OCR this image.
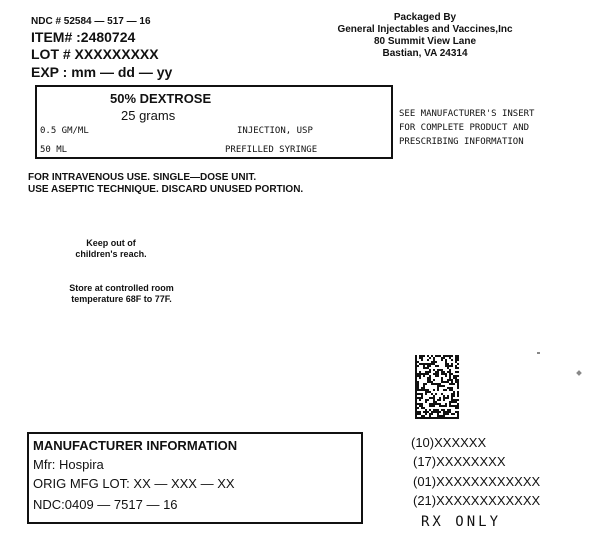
NDC # 52584 — 517 — 16
ITEM# :2480724
LOT # XXXXXXXXX
EXP : mm — dd — yy
Packaged By
General Injectables and Vaccines,Inc
80 Summit View Lane
Bastian, VA 24314
50% DEXTROSE
25 grams
0.5 GM/ML	INJECTION, USP
50 ML	PREFILLED SYRINGE
SEE MANUFACTURER'S INSERT
FOR COMPLETE PRODUCT AND
PRESCRIBING INFORMATION
FOR INTRAVENOUS USE. SINGLE—DOSE UNIT.
USE ASEPTIC TECHNIQUE. DISCARD UNUSED PORTION.
Keep out of
children's reach.
Store at controlled room
temperature 68F to 77F.
MANUFACTURER INFORMATION
Mfr: Hospira
ORIG MFG LOT: XX — XXX — XX
NDC:0409 — 7517 — 16
(10)XXXXXX
(17)XXXXXXXX
(01)XXXXXXXXXXXX
(21)XXXXXXXXXXXX
RX ONLY
